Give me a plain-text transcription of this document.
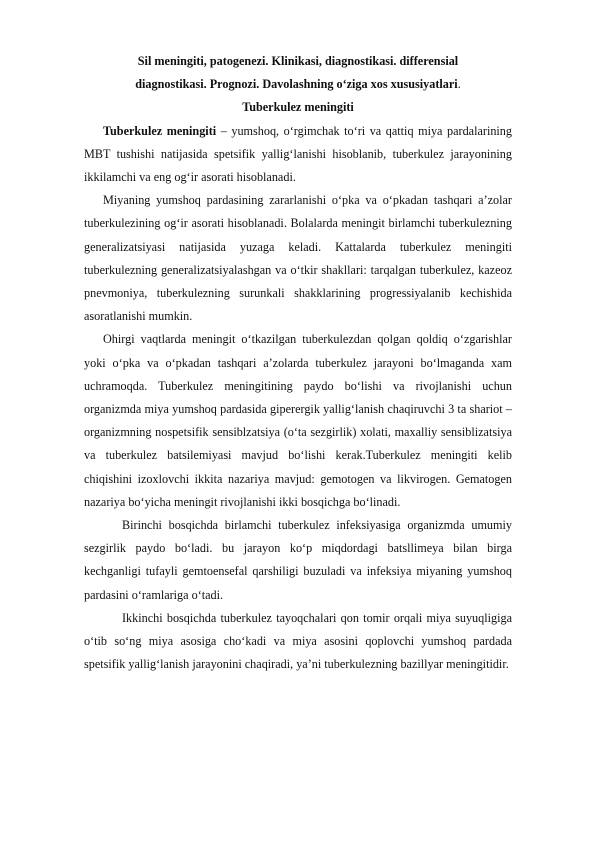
Sil meningiti, patogenezi. Klinikasi, diagnostikasi. differensial
diagnostikasi. Prognozi. Davolashning o‘ziga xos xususiyatlari.
Tuberkulez meningiti

Tuberkulez meningiti – yumshoq, o‘rgimchak to‘ri va qattiq miya pardalarining MBT tushishi natijasida spetsifik yallig‘lanishi hisoblanib, tuberkulez jarayonining ikkilamchi va eng og‘ir asorati hisoblanadi.

Miyaning yumshoq pardasining zararlanishi o‘pka va o‘pkadan tashqari a’zolar tuberkulezining og‘ir asorati hisoblanadi. Bolalarda meningit birlamchi tuberkulezning generalizatsiyasi natijasida yuzaga keladi. Kattalarda tuberkulez meningiti tuberkulezning generalizatsiyalashgan va o‘tkir shakllari: tarqalgan tuberkulez, kazeoz pnevmoniya, tuberkulezning surunkali shakklarining progressiyalanib kechishida asoratlanishi mumkin.

Ohirgi vaqtlarda meningit o‘tkazilgan tuberkulezdan qolgan qoldiq o‘zgarishlar yoki o‘pka va o‘pkadan tashqari a’zolarda tuberkulez jarayoni bo‘lmaganda xam uchramoqda. Tuberkulez meningitining paydo bo‘lishi va rivojlanishi uchun organizmda miya yumshoq pardasida giperergik yallig‘lanish chaqiruvchi 3 ta shariot – organizmning nospetsifik sensiblzatsiya (o‘ta sezgirlik) xolati, maxalliy sensiblizatsiya va tuberkulez batsilemiyasi mavjud bo‘lishi kerak.Tuberkulez meningiti kelib chiqishini izoxlovchi ikkita nazariya mavjud: gemotogen va likvirogen. Gematogen nazariya bo‘yicha meningit rivojlanishi ikki bosqichga bo‘linadi.

Birinchi bosqichda birlamchi tuberkulez infeksiyasiga organizmda umumiy sezgirlik paydo bo‘ladi. bu jarayon ko‘p miqdordagi batsllimeya bilan birga kechganligi tufayli gemtoensefal qarshiligi buzuladi va infeksiya miyaning yumshoq pardasini o‘ramlariga o‘tadi.

Ikkinchi bosqichda tuberkulez tayoqchalari qon tomir orqali miya suyuqligiga o‘tib so‘ng miya asosiga cho‘kadi va miya asosini qoplovchi yumshoq pardada spetsifik yallig‘lanish jarayonini chaqiradi, ya’ni tuberkulezning bazillyar meningitidir.
